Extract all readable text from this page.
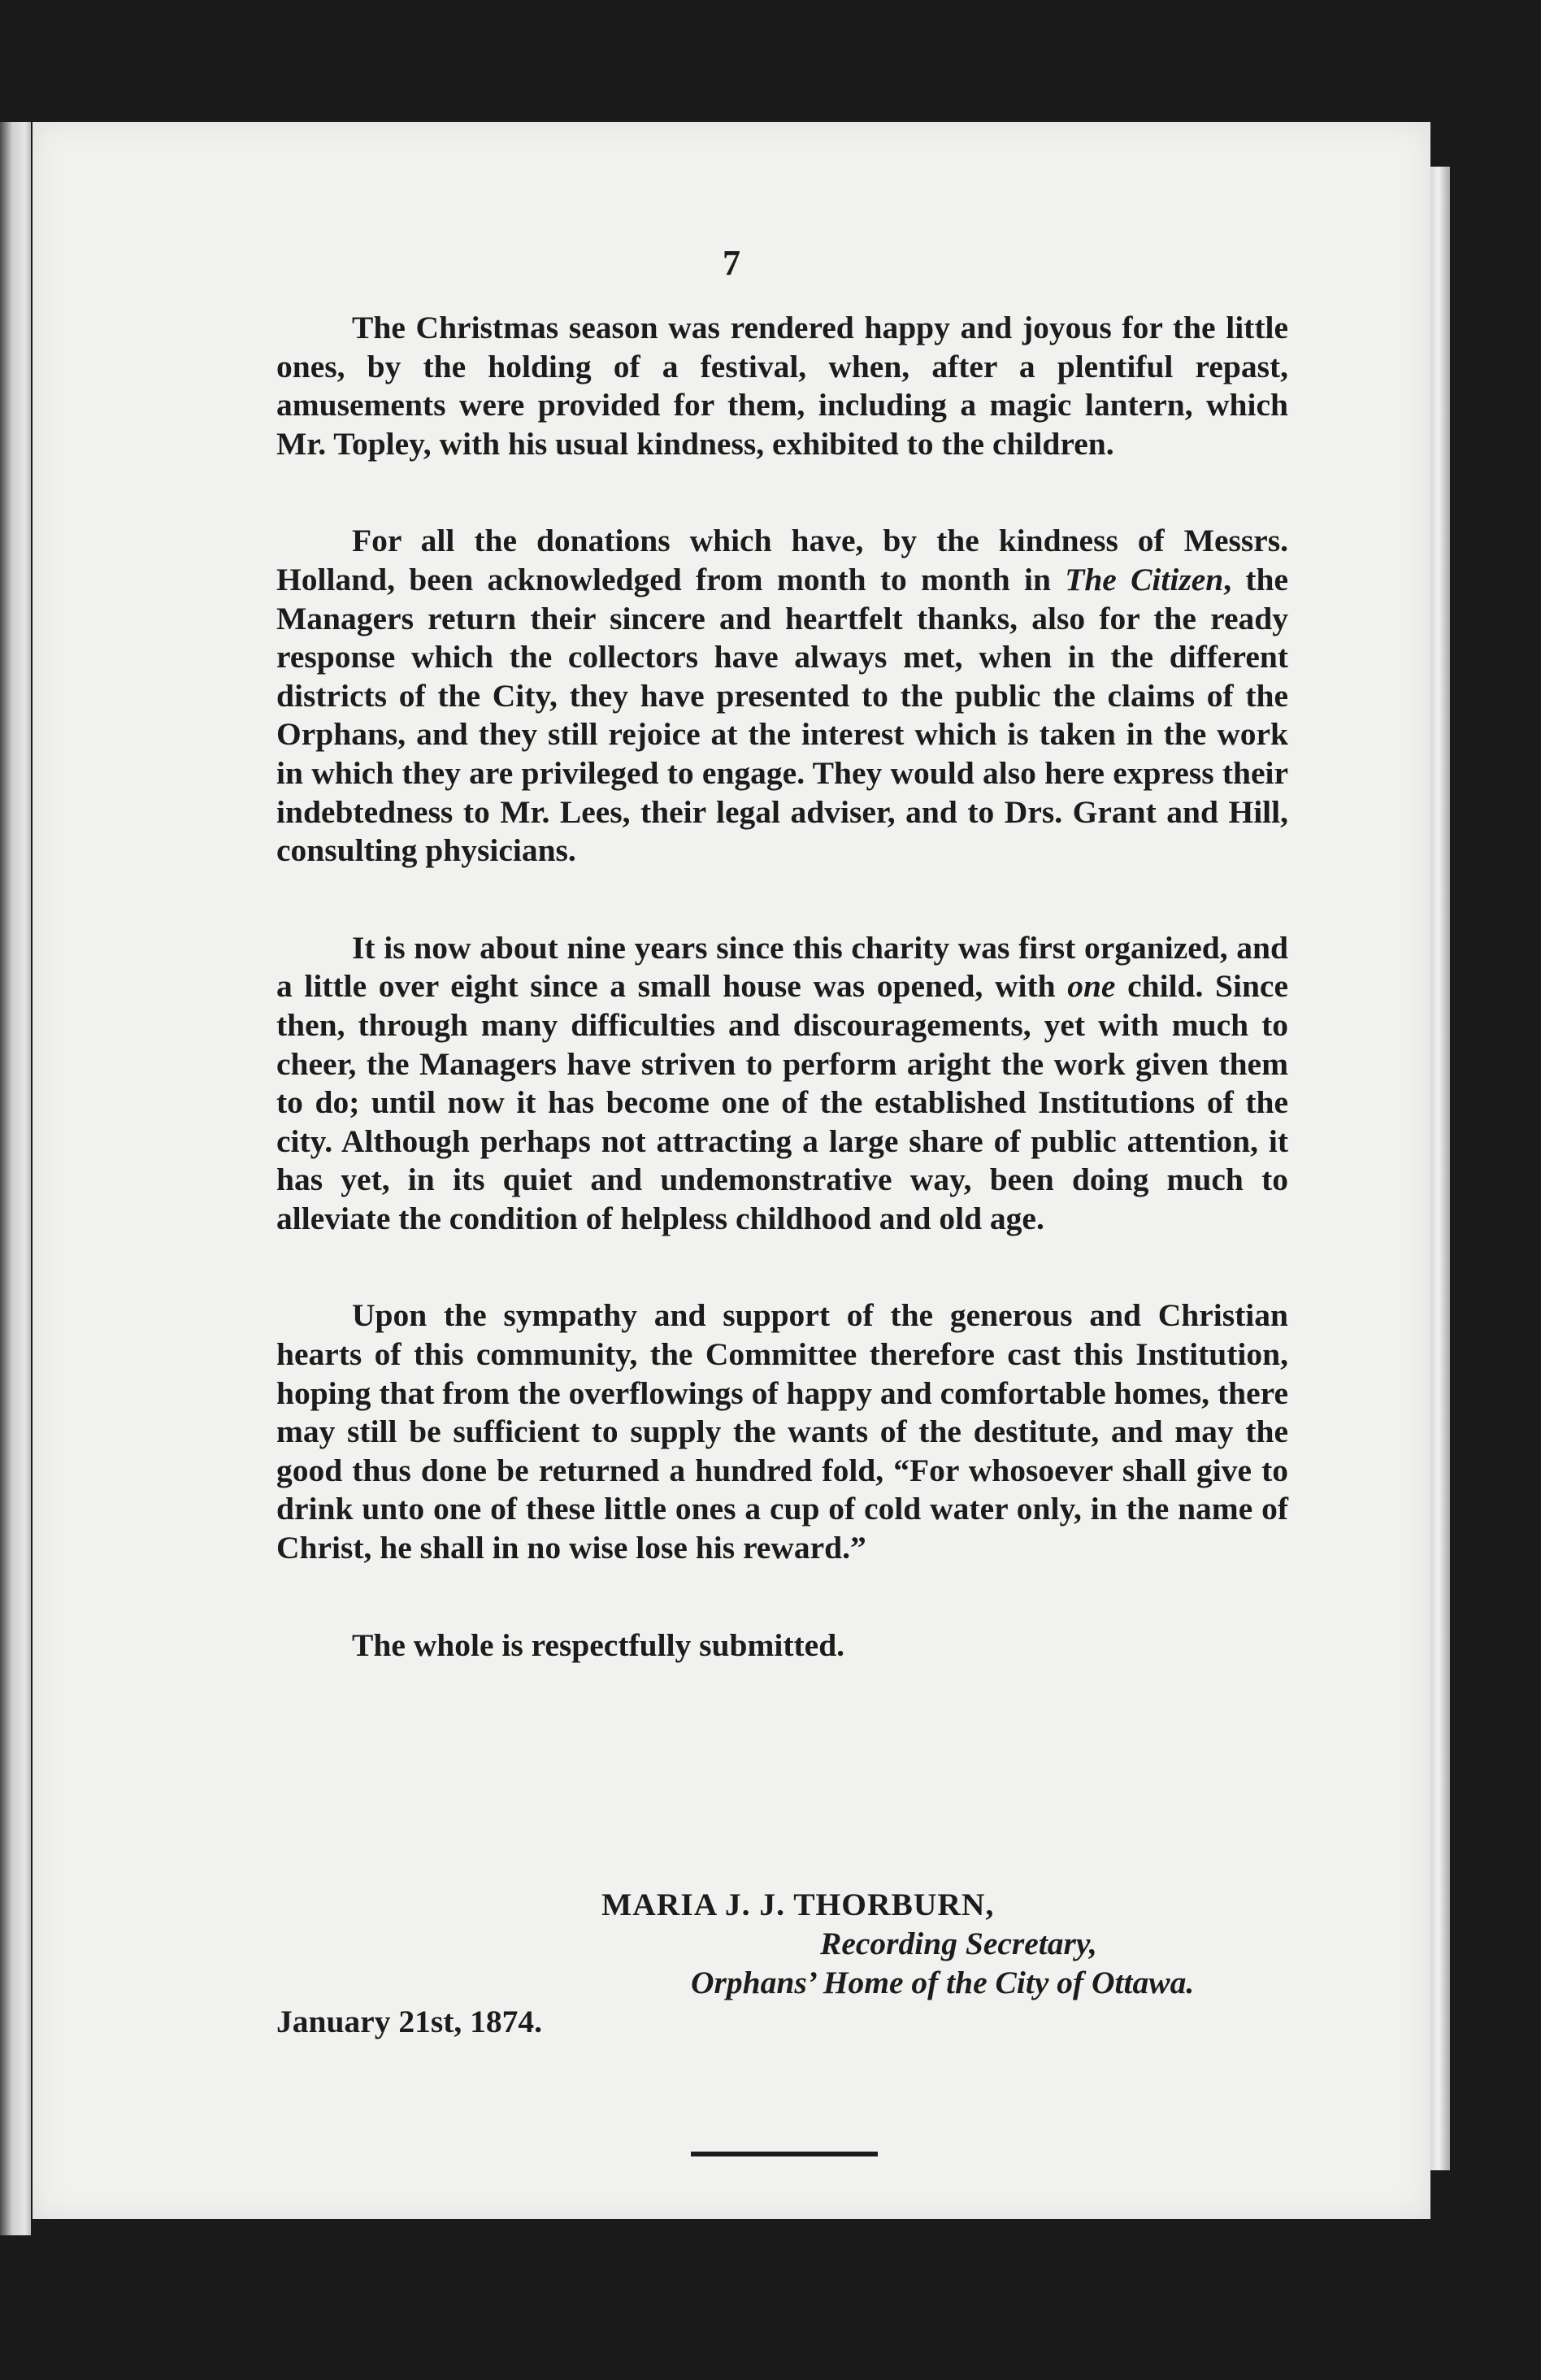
7

The Christmas season was rendered happy and joyous for the little ones, by the holding of a festival, when, after a plentiful repast, amusements were provided for them, including a magic lantern, which Mr. Topley, with his usual kindness, exhibited to the children.

For all the donations which have, by the kindness of Messrs. Holland, been acknowledged from month to month in The Citizen, the Managers return their sincere and heartfelt thanks, also for the ready response which the collectors have always met, when in the different districts of the City, they have presented to the public the claims of the Orphans, and they still rejoice at the interest which is taken in the work in which they are privileged to engage. They would also here express their indebtedness to Mr. Lees, their legal adviser, and to Drs. Grant and Hill, consulting physicians.

It is now about nine years since this charity was first organized, and a little over eight since a small house was opened, with one child. Since then, through many difficulties and discouragements, yet with much to cheer, the Managers have striven to perform aright the work given them to do; until now it has become one of the established Institutions of the city. Although perhaps not attracting a large share of public attention, it has yet, in its quiet and undemonstrative way, been doing much to alleviate the condition of helpless childhood and old age.

Upon the sympathy and support of the generous and Christian hearts of this community, the Committee therefore cast this Institution, hoping that from the overflowings of happy and comfortable homes, there may still be sufficient to supply the wants of the destitute, and may the good thus done be returned a hundred fold, “For whosoever shall give to drink unto one of these little ones a cup of cold water only, in the name of Christ, he shall in no wise lose his reward.”

The whole is respectfully submitted.

MARIA J. J. THORBURN,
Recording Secretary,
Orphans’ Home of the City of Ottawa.
January 21st, 1874.
